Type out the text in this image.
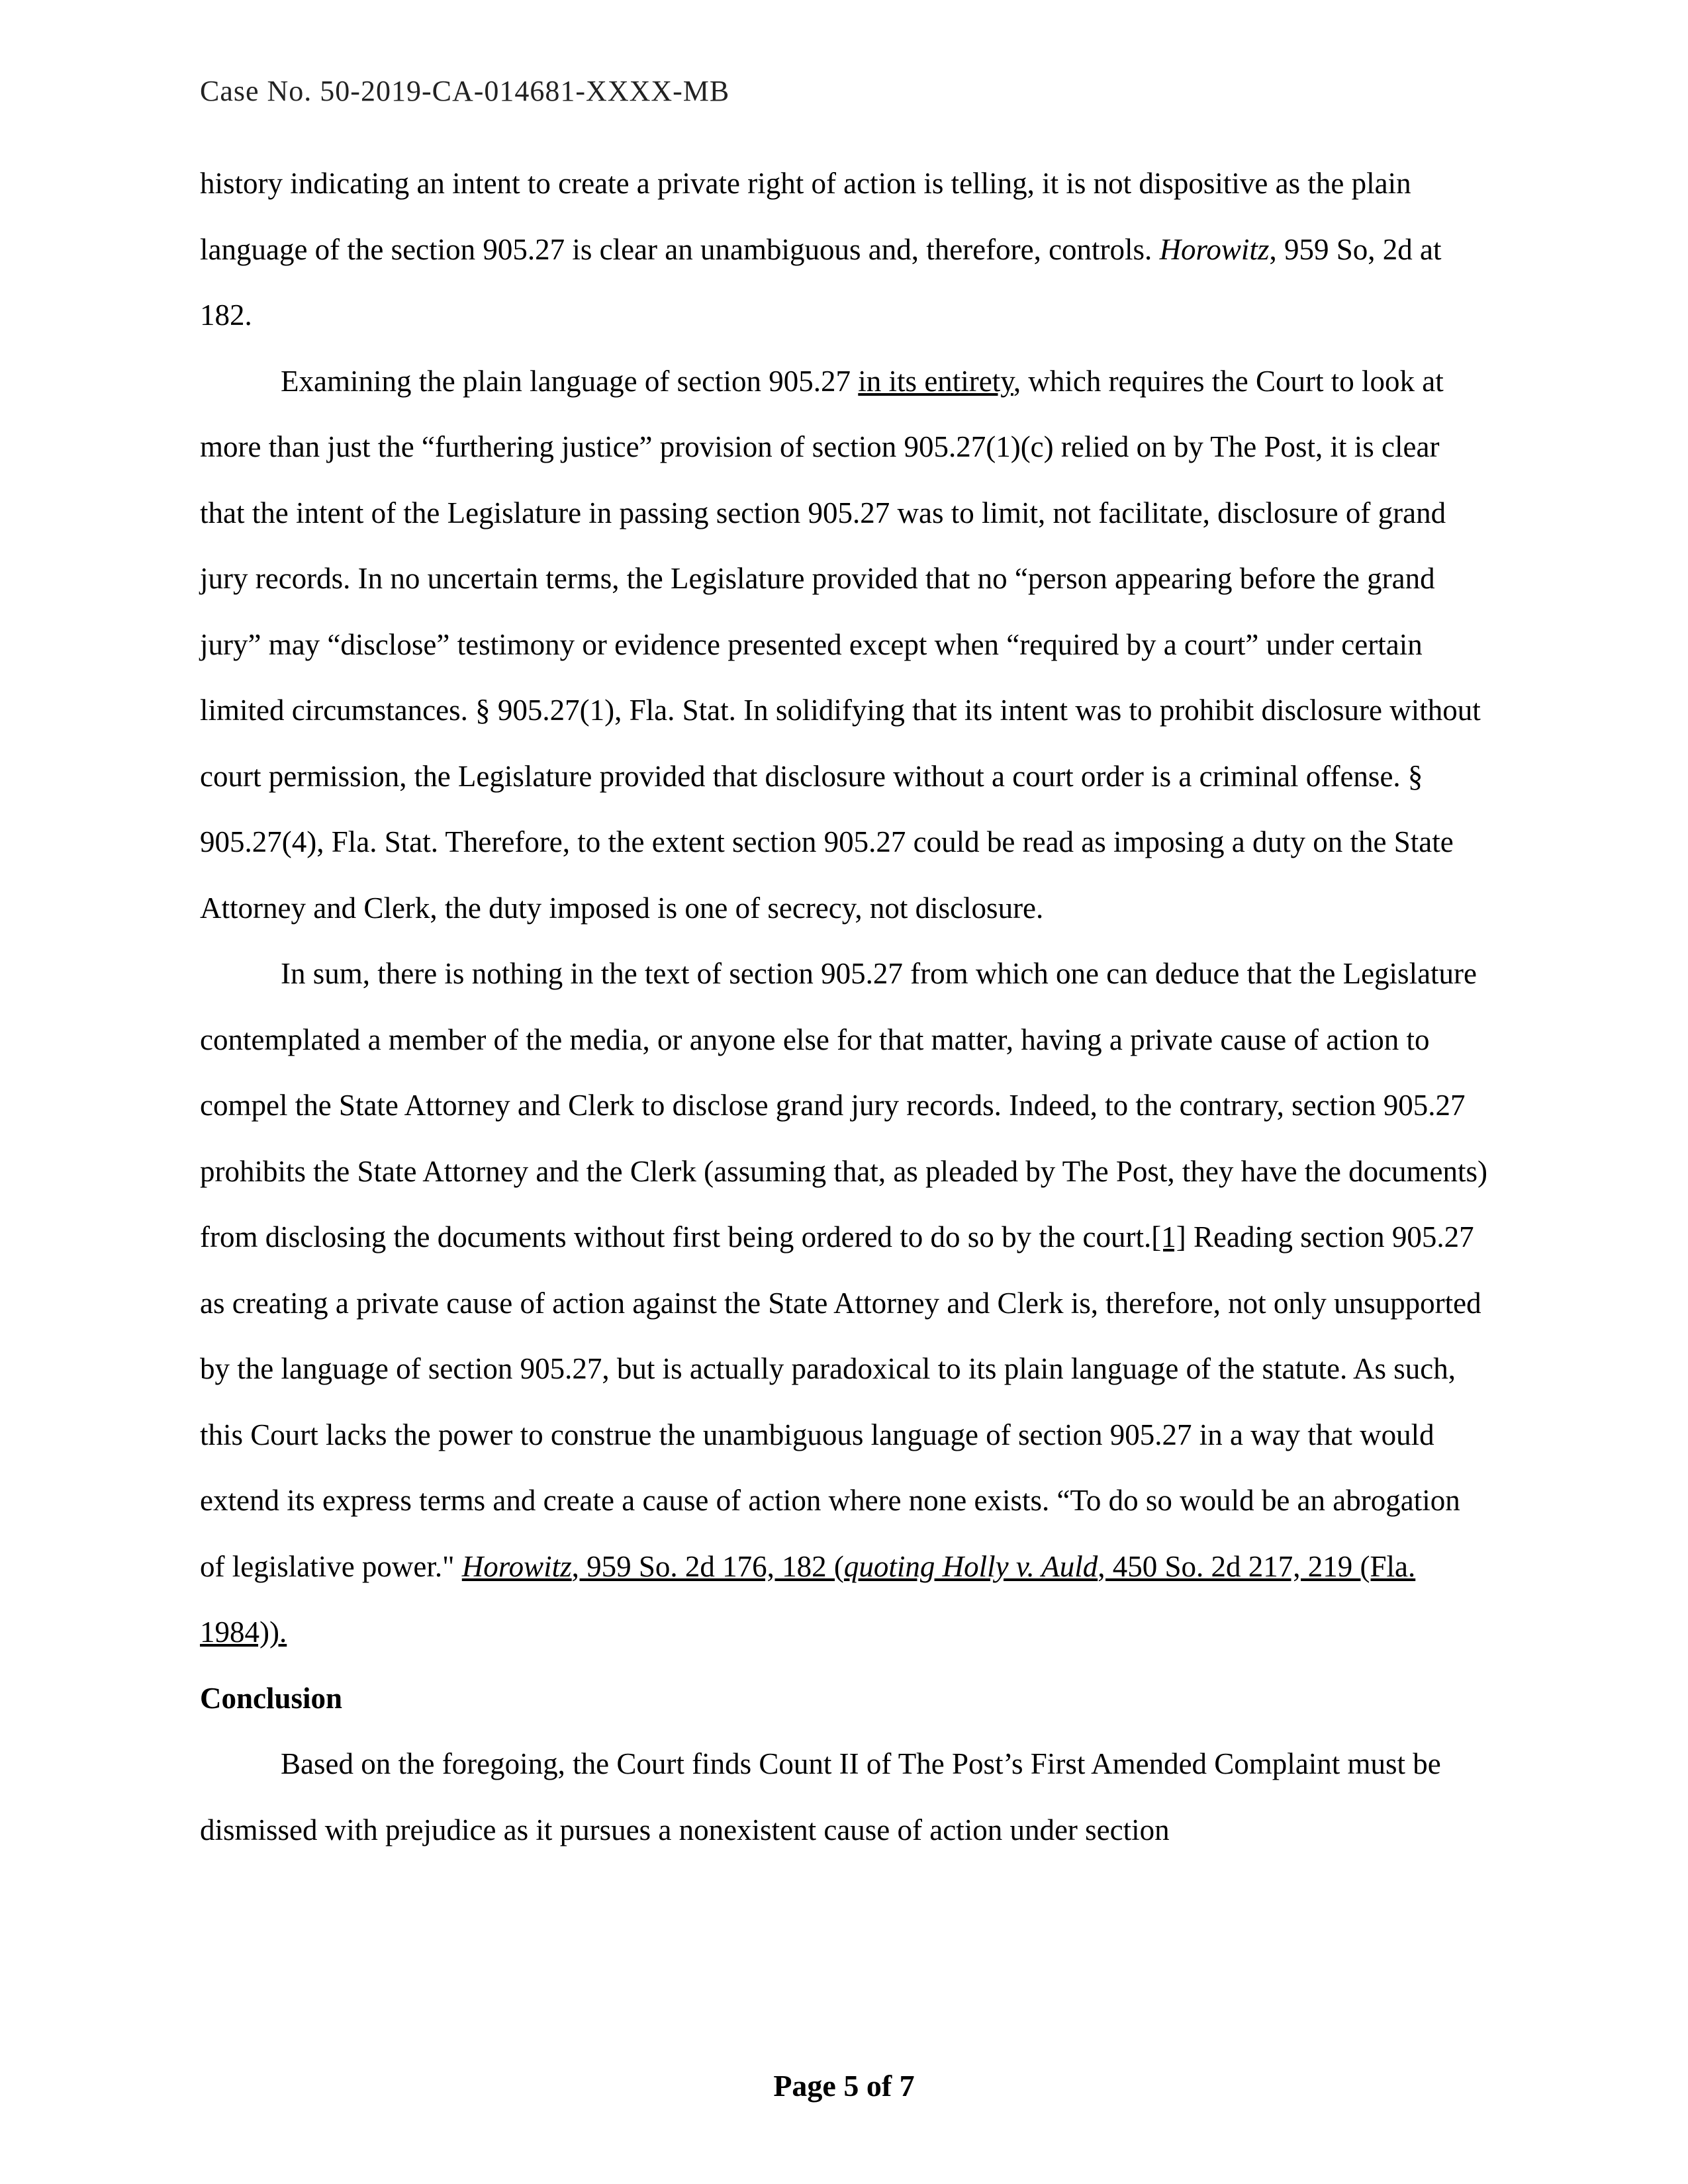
Case No. 50-2019-CA-014681-XXXX-MB

history indicating an intent to create a private right of action is telling, it is not dispositive as the plain language of the section 905.27 is clear an unambiguous and, therefore, controls. Horowitz, 959 So, 2d at 182.

Examining the plain language of section 905.27 in its entirety, which requires the Court to look at more than just the “furthering justice” provision of section 905.27(1)(c) relied on by The Post, it is clear that the intent of the Legislature in passing section 905.27 was to limit, not facilitate, disclosure of grand jury records. In no uncertain terms, the Legislature provided that no “person appearing before the grand jury” may “disclose” testimony or evidence presented except when “required by a court” under certain limited circumstances. § 905.27(1), Fla. Stat. In solidifying that its intent was to prohibit disclosure without court permission, the Legislature provided that disclosure without a court order is a criminal offense. § 905.27(4), Fla. Stat. Therefore, to the extent section 905.27 could be read as imposing a duty on the State Attorney and Clerk, the duty imposed is one of secrecy, not disclosure.

In sum, there is nothing in the text of section 905.27 from which one can deduce that the Legislature contemplated a member of the media, or anyone else for that matter, having a private cause of action to compel the State Attorney and Clerk to disclose grand jury records. Indeed, to the contrary, section 905.27 prohibits the State Attorney and the Clerk (assuming that, as pleaded by The Post, they have the documents) from disclosing the documents without first being ordered to do so by the court.[1] Reading section 905.27 as creating a private cause of action against the State Attorney and Clerk is, therefore, not only unsupported by the language of section 905.27, but is actually paradoxical to its plain language of the statute. As such, this Court lacks the power to construe the unambiguous language of section 905.27 in a way that would extend its express terms and create a cause of action where none exists. “To do so would be an abrogation of legislative power." Horowitz, 959 So. 2d 176, 182 (quoting Holly v. Auld, 450 So. 2d 217, 219 (Fla. 1984)).

Conclusion

Based on the foregoing, the Court finds Count II of The Post’s First Amended Complaint must be dismissed with prejudice as it pursues a nonexistent cause of action under section

Page 5 of 7
